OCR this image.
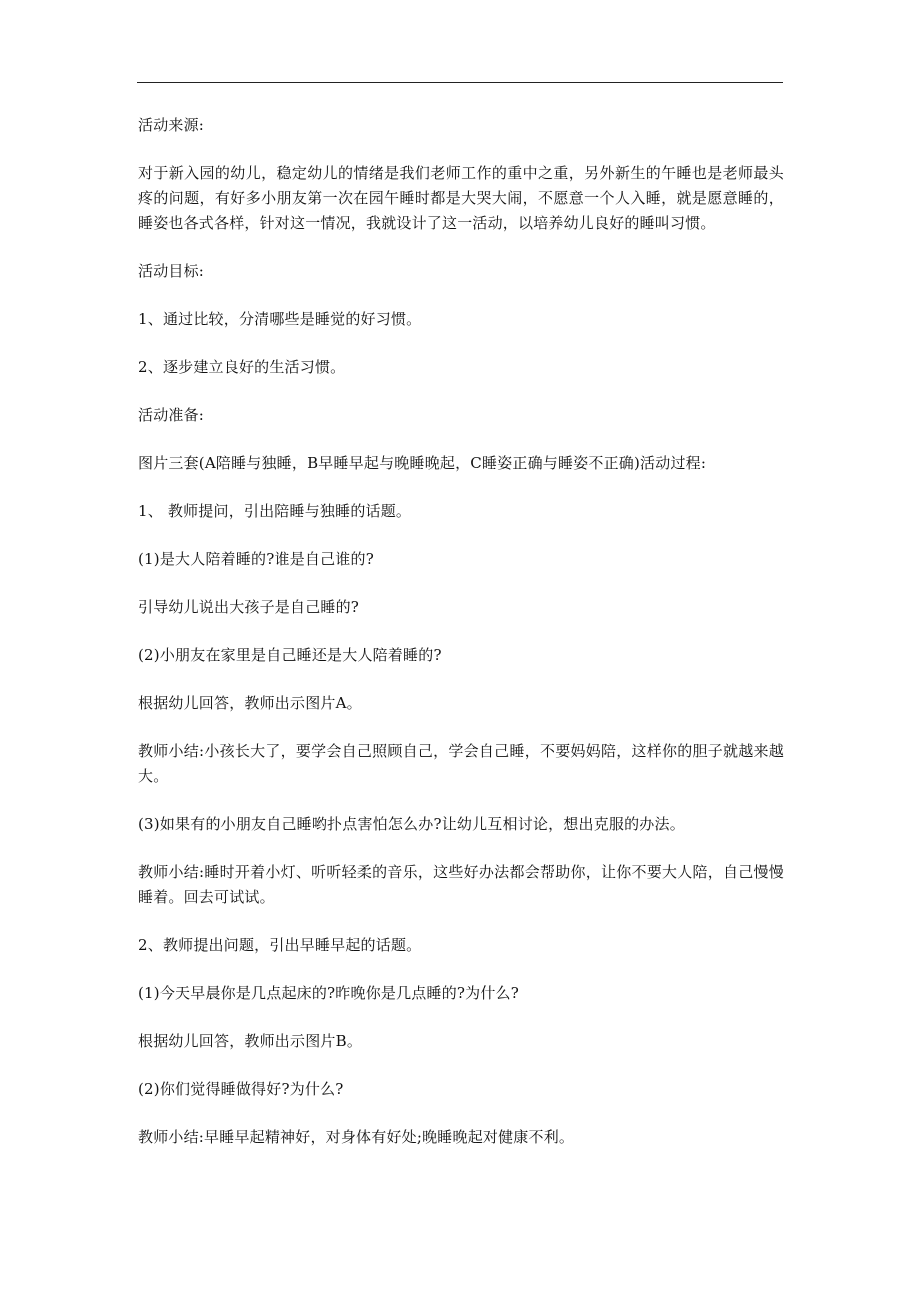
活动来源:

对于新入园的幼儿，稳定幼儿的情绪是我们老师工作的重中之重，另外新生的午睡也是老师最头疼的问题，有好多小朋友第一次在园午睡时都是大哭大闹，不愿意一个人入睡，就是愿意睡的，睡姿也各式各样，针对这一情况，我就设计了这一活动，以培养幼儿良好的睡叫习惯。

活动目标:

1、通过比较，分清哪些是睡觉的好习惯。

2、逐步建立良好的生活习惯。

活动准备:

图片三套(A陪睡与独睡，B早睡早起与晚睡晚起，C睡姿正确与睡姿不正确)活动过程:

1、 教师提问，引出陪睡与独睡的话题。

(1)是大人陪着睡的?谁是自己谁的?

引导幼儿说出大孩子是自己睡的?

(2)小朋友在家里是自己睡还是大人陪着睡的?

根据幼儿回答，教师出示图片A。

教师小结:小孩长大了，要学会自己照顾自己，学会自己睡，不要妈妈陪，这样你的胆子就越来越大。

(3)如果有的小朋友自己睡哟扑点害怕怎么办?让幼儿互相讨论，想出克服的办法。

教师小结:睡时开着小灯、听听轻柔的音乐，这些好办法都会帮助你，让你不要大人陪，自己慢慢睡着。回去可试试。

2、教师提出问题，引出早睡早起的话题。

(1)今天早晨你是几点起床的?昨晚你是几点睡的?为什么?

根据幼儿回答，教师出示图片B。

(2)你们觉得睡做得好?为什么?

教师小结:早睡早起精神好，对身体有好处;晚睡晚起对健康不利。
